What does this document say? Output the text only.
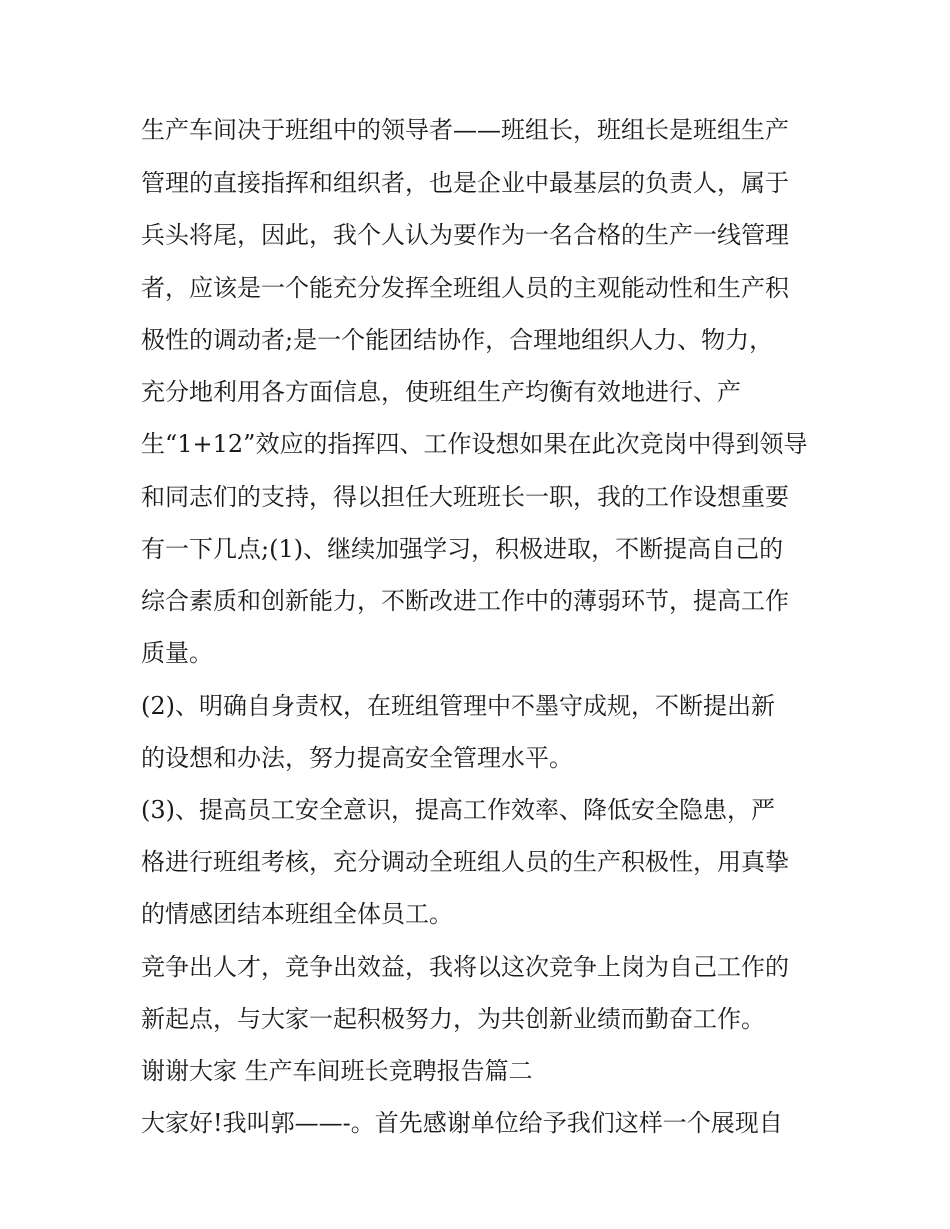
生产车间决于班组中的领导者——班组长，班组长是班组生产
管理的直接指挥和组织者，也是企业中最基层的负责人，属于
兵头将尾，因此，我个人认为要作为一名合格的生产一线管理
者，应该是一个能充分发挥全班组人员的主观能动性和生产积
极性的调动者;是一个能团结协作，合理地组织人力、物力，
充分地利用各方面信息，使班组生产均衡有效地进行、产
生“1+12”效应的指挥四、工作设想如果在此次竞岗中得到领导
和同志们的支持，得以担任大班班长一职，我的工作设想重要
有一下几点;(1)、继续加强学习，积极进取，不断提高自己的
综合素质和创新能力，不断改进工作中的薄弱环节，提高工作
质量。
(2)、明确自身责权，在班组管理中不墨守成规，不断提出新
的设想和办法，努力提高安全管理水平。
(3)、提高员工安全意识，提高工作效率、降低安全隐患，严
格进行班组考核，充分调动全班组人员的生产积极性，用真挚
的情感团结本班组全体员工。
竞争出人才，竞争出效益，我将以这次竞争上岗为自己工作的
新起点，与大家一起积极努力，为共创新业绩而勤奋工作。
谢谢大家 生产车间班长竞聘报告篇二
大家好!我叫郭——-。首先感谢单位给予我们这样一个展现自
